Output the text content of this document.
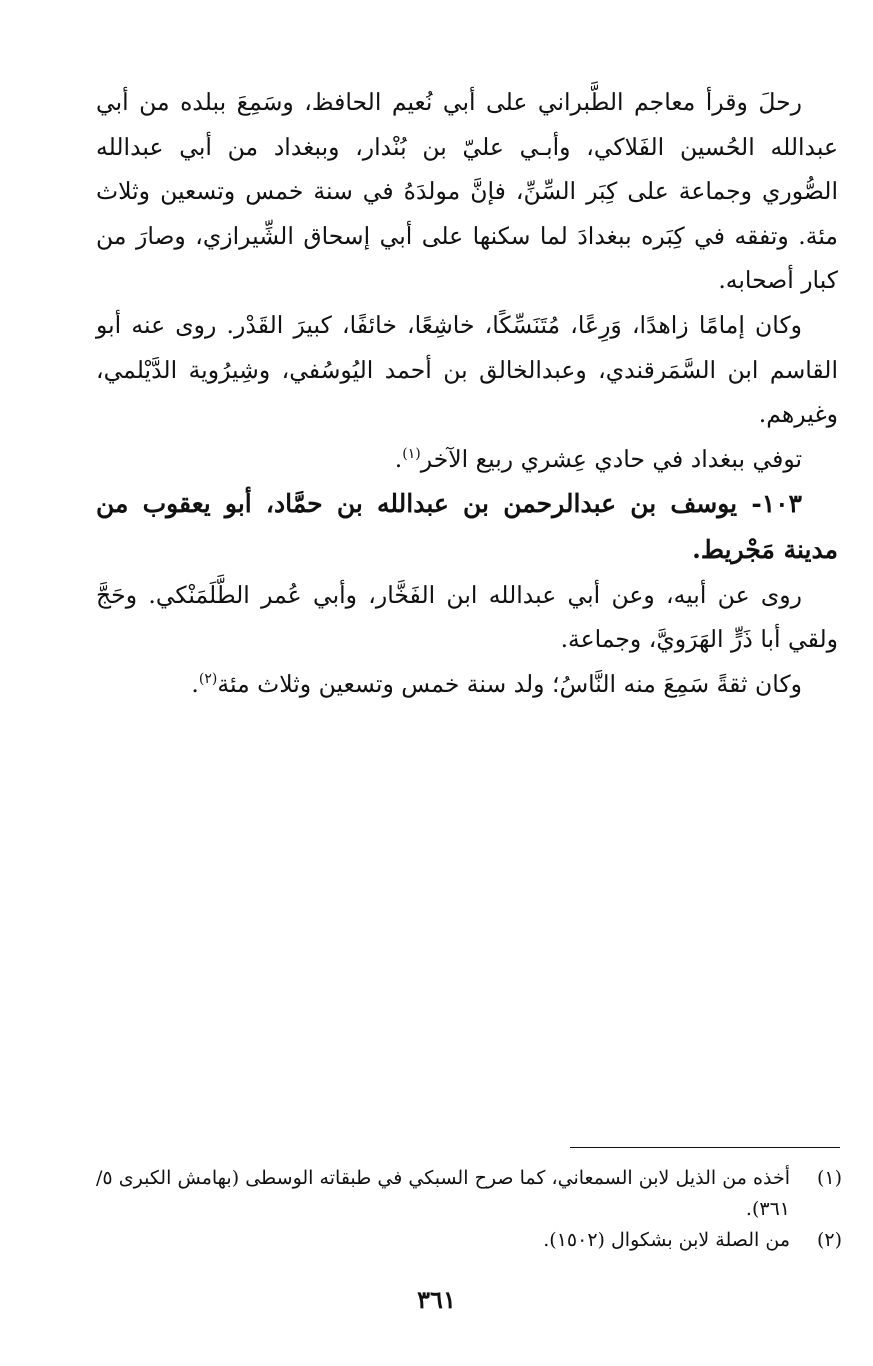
رحلَ وقرأ معاجم الطَّبراني على أبي نُعيم الحافظ، وسَمِعَ ببلده من أبي عبدالله الحُسين الفَلاكي، وأبـي عليّ بن بُنْدار، وببغداد من أبي عبدالله الصُّوري وجماعة على كِبَر السِّنِّ، فإنَّ مولدَهُ في سنة خمس وتسعين وثلاث مئة. وتفقه في كِبَره ببغدادَ لما سكنها على أبي إسحاق الشِّيرازي، وصارَ من كبار أصحابه.

وكان إمامًا زاهدًا، وَرِعًا، مُتَنَسِّكًا، خاشِعًا، خائفًا، كبيرَ القَدْر. روى عنه أبو القاسم ابن السَّمَرقندي، وعبدالخالق بن أحمد اليُوسُفي، وشِيرُوية الدَّيْلمي، وغيرهم.

توفي ببغداد في حادي عِشري ربيع الآخر$^{(١)}$.

١٠٣- يوسف بن عبدالرحمن بن عبدالله بن حمَّاد، أبو يعقوب من مدينة مَجْريط.

روى عن أبيه، وعن أبي عبدالله ابن الفَخَّار، وأبي عُمر الطَّلَمَنْكي. وحَجَّ ولقي أبا ذَرٍّ الهَرَويَّ، وجماعة.

وكان ثقةً سَمِعَ منه النَّاسُ؛ ولد سنة خمس وتسعين وثلاث مئة$^{(٢)}$.

(١)
أخذه من الذيل لابن السمعاني، كما صرح السبكي في طبقاته الوسطى (بهامش الكبرى ٥/ ٣٦١).
(٢)
من الصلة لابن بشكوال (١٥٠٢).
٣٦١
